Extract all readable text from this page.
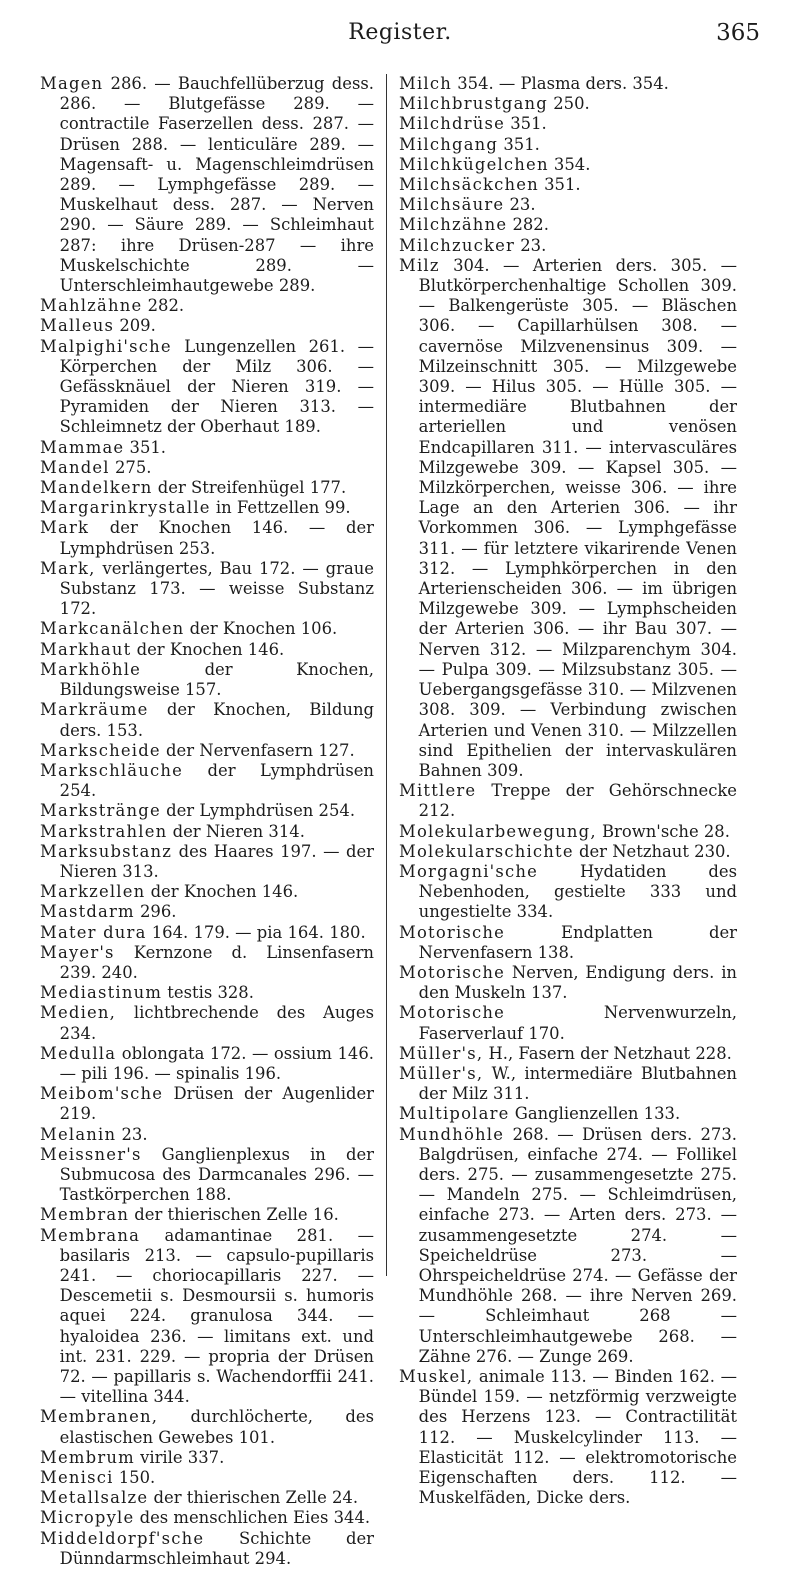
Register.	365

Magen 286. — Bauchfellüberzug dess. 286. — Blutgefässe 289. — contractile Faserzellen dess. 287. — Drüsen 288. — lenticuläre 289. — Magensaft- u. Magenschleimdrüsen 289. — Lymphgefässe 289. — Muskelhaut dess. 287. — Nerven 290. — Säure 289. — Schleimhaut 287: ihre Drüsen-287 — ihre Muskelschichte 289. — Unterschleimhautgewebe 289.

Mahlzähne 282.

Malleus 209.

Malpighi'sche Lungenzellen 261. — Körperchen der Milz 306. — Gefässknäuel der Nieren 319. — Pyramiden der Nieren 313. — Schleimnetz der Oberhaut 189.

Mammae 351.

Mandel 275.

Mandelkern der Streifenhügel 177.

Margarinkrystalle in Fettzellen 99.

Mark der Knochen 146. — der Lymphdrüsen 253.

Mark, verlängertes, Bau 172. — graue Substanz 173. — weisse Substanz 172.

Markcanälchen der Knochen 106.

Markhaut der Knochen 146.

Markhöhle der Knochen, Bildungsweise 157.

Markräume der Knochen, Bildung ders. 153.

Markscheide der Nervenfasern 127.

Markschläuche der Lymphdrüsen 254.

Markstränge der Lymphdrüsen 254.

Markstrahlen der Nieren 314.

Marksubstanz des Haares 197. — der Nieren 313.

Markzellen der Knochen 146.

Mastdarm 296.

Mater dura 164. 179. — pia 164. 180.

Mayer's Kernzone d. Linsenfasern 239. 240.

Mediastinum testis 328.

Medien, lichtbrechende des Auges 234.

Medulla oblongata 172. — ossium 146. — pili 196. — spinalis 196.

Meibom'sche Drüsen der Augenlider 219.

Melanin 23.

Meissner's Ganglienplexus in der Submucosa des Darmcanales 296. — Tastkörperchen 188.

Membran der thierischen Zelle 16.

Membrana adamantinae 281. — basilaris 213. — capsulo-pupillaris 241. — choriocapillaris 227. — Descemetii s. Desmoursii s. humoris aquei 224. granulosa 344. — hyaloidea 236. — limitans ext. und int. 231. 229. — propria der Drüsen 72. — papillaris s. Wachendorffii 241. — vitellina 344.

Membranen, durchlöcherte, des elastischen Gewebes 101.

Membrum virile 337.

Menisci 150.

Metallsalze der thierischen Zelle 24.

Micropyle des menschlichen Eies 344.

Middeldorpf'sche Schichte der Dünndarmschleimhaut 294.

Milch 354. — Plasma ders. 354.

Milchbrustgang 250.

Milchdrüse 351.

Milchgang 351.

Milchkügelchen 354.

Milchsäckchen 351.

Milchsäure 23.

Milchzähne 282.

Milchzucker 23.

Milz 304. — Arterien ders. 305. — Blutkörperchenhaltige Schollen 309. — Balkengerüste 305. — Bläschen 306. — Capillarhülsen 308. — cavernöse Milzvenensinus 309. — Milzeinschnitt 305. — Milzgewebe 309. — Hilus 305. — Hülle 305. — intermediäre Blutbahnen der arteriellen und venösen Endcapillaren 311. — intervasculäres Milzgewebe 309. — Kapsel 305. — Milzkörperchen, weisse 306. — ihre Lage an den Arterien 306. — ihr Vorkommen 306. — Lymphgefässe 311. — für letztere vikarirende Venen 312. — Lymphkörperchen in den Arterienscheiden 306. — im übrigen Milzgewebe 309. — Lymphscheiden der Arterien 306. — ihr Bau 307. — Nerven 312. — Milzparenchym 304. — Pulpa 309. — Milzsubstanz 305. — Uebergangsgefässe 310. — Milzvenen 308. 309. — Verbindung zwischen Arterien und Venen 310. — Milzzellen sind Epithelien der intervaskulären Bahnen 309.

Mittlere Treppe der Gehörschnecke 212.

Molekularbewegung, Brown'sche 28.

Molekularschichte der Netzhaut 230.

Morgagni'sche Hydatiden des Nebenhoden, gestielte 333 und ungestielte 334.

Motorische Endplatten der Nervenfasern 138.

Motorische Nerven, Endigung ders. in den Muskeln 137.

Motorische Nervenwurzeln, Faserverlauf 170.

Müller's, H., Fasern der Netzhaut 228.

Müller's, W., intermediäre Blutbahnen der Milz 311.

Multipolare Ganglienzellen 133.

Mundhöhle 268. — Drüsen ders. 273. Balgdrüsen, einfache 274. — Follikel ders. 275. — zusammengesetzte 275. — Mandeln 275. — Schleimdrüsen, einfache 273. — Arten ders. 273. — zusammengesetzte 274. — Speicheldrüse 273. — Ohrspeicheldrüse 274. — Gefässe der Mundhöhle 268. — ihre Nerven 269. — Schleimhaut 268 — Unterschleimhautgewebe 268. — Zähne 276. — Zunge 269.

Muskel, animale 113. — Binden 162. — Bündel 159. — netzförmig verzweigte des Herzens 123. — Contractilität 112. — Muskelcylinder 113. — Elasticität 112. — elektromotorische Eigenschaften ders. 112. — Muskelfäden, Dicke ders.
